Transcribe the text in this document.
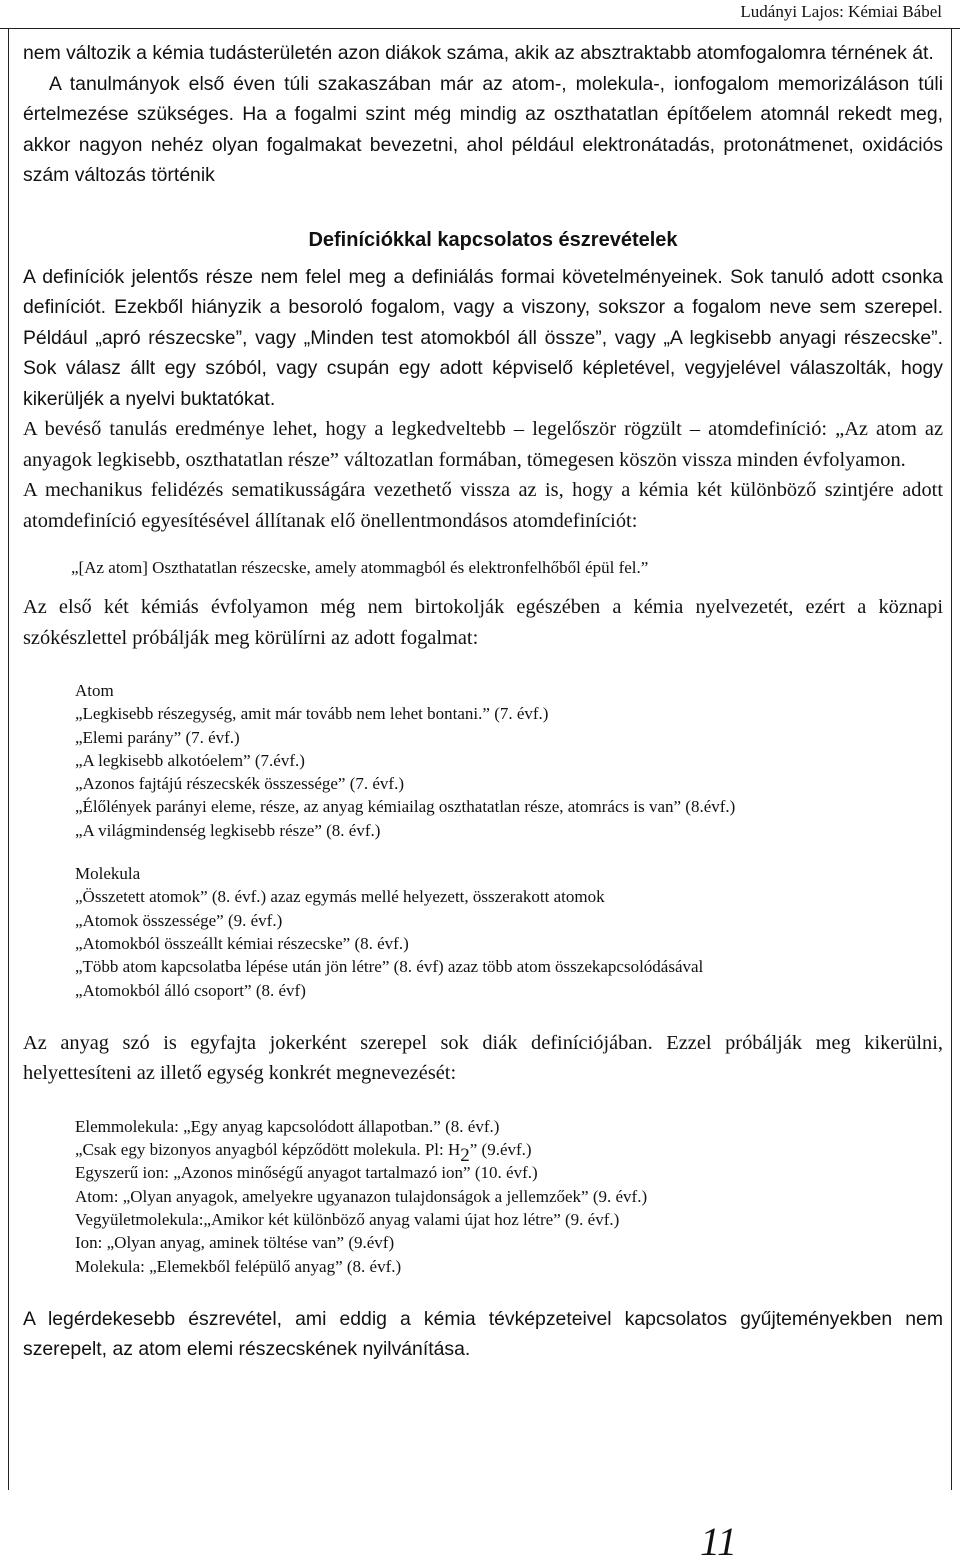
Ludányi Lajos: Kémiai Bábel

nem változik a kémia tudásterületén azon diákok száma, akik az absztraktabb atomfogalomra térnének át.

A tanulmányok első éven túli szakaszában már az atom-, molekula-, ionfogalom memorizáláson túli értelmezése szükséges. Ha a fogalmi szint még mindig az oszthatatlan építőelem atomnál rekedt meg, akkor nagyon nehéz olyan fogalmakat bevezetni, ahol például elektronátadás, protonátmenet, oxidációs szám változás történik

Definíciókkal kapcsolatos észrevételek

A definíciók jelentős része nem felel meg a definiálás formai követelményeinek. Sok tanuló adott csonka definíciót. Ezekből hiányzik a besoroló fogalom, vagy a viszony, sokszor a fogalom neve sem szerepel. Például „apró részecske”, vagy „Minden test atomokból áll össze”, vagy „A legkisebb anyagi részecske”. Sok válasz állt egy szóból, vagy csupán egy adott képviselő képletével, vegyjelével válaszolták, hogy kikerüljék a nyelvi buktatókat.

A bevéső tanulás eredménye lehet, hogy a legkedveltebb – legelőször rögzült – atomdefiníció: „Az atom az anyagok legkisebb, oszthatatlan része” változatlan formában, tömegesen köszön vissza minden évfolyamon.

A mechanikus felidézés sematikusságára vezethető vissza az is, hogy a kémia két különböző szintjére adott atomdefiníció egyesítésével állítanak elő önellentmondásos atomdefiníciót:

„[Az atom] Oszthatatlan részecske, amely atommagból és elektronfelhőből épül fel.”

Az első két kémiás évfolyamon még nem birtokolják egészében a kémia nyelvezetét, ezért a köznapi szókészlettel próbálják meg körülírni az adott fogalmat:

Atom
„Legkisebb részegység, amit már tovább nem lehet bontani.” (7. évf.)
„Elemi parány” (7. évf.)
„A legkisebb alkotóelem” (7.évf.)
„Azonos fajtájú részecskék összessége” (7. évf.)
„Élőlények parányi eleme, része, az anyag kémiailag oszthatatlan része, atomrács is van” (8.évf.)
„A világmindenség legkisebb része” (8. évf.)
Molekula
„Összetett atomok” (8. évf.) azaz egymás mellé helyezett, összerakott atomok
„Atomok összessége” (9. évf.)
„Atomokból összeállt kémiai részecske” (8. évf.)
„Több atom kapcsolatba lépése után jön létre” (8. évf) azaz több atom összekapcsolódásával
„Atomokból álló csoport” (8. évf)

Az anyag szó is egyfajta jokerként szerepel sok diák definíciójában. Ezzel próbálják meg kikerülni, helyettesíteni az illető egység konkrét megnevezését:

Elemmolekula: „Egy anyag kapcsolódott állapotban.” (8. évf.)
„Csak egy bizonyos anyagból képződött molekula. Pl: $H_2$” (9.évf.)
Egyszerű ion: „Azonos minőségű anyagot tartalmazó ion” (10. évf.)
Atom: „Olyan anyagok, amelyekre ugyanazon tulajdonságok a jellemzőek” (9. évf.)
Vegyületmolekula:„Amikor két különböző anyag valami újat hoz létre” (9. évf.)
Ion: „Olyan anyag, aminek töltése van” (9.évf)
Molekula: „Elemekből felépülő anyag” (8. évf.)

A legérdekesebb észrevétel, ami eddig a kémia tévképzeteivel kapcsolatos gyűjteményekben nem szerepelt, az atom elemi részecskének nyilvánítása.

11
